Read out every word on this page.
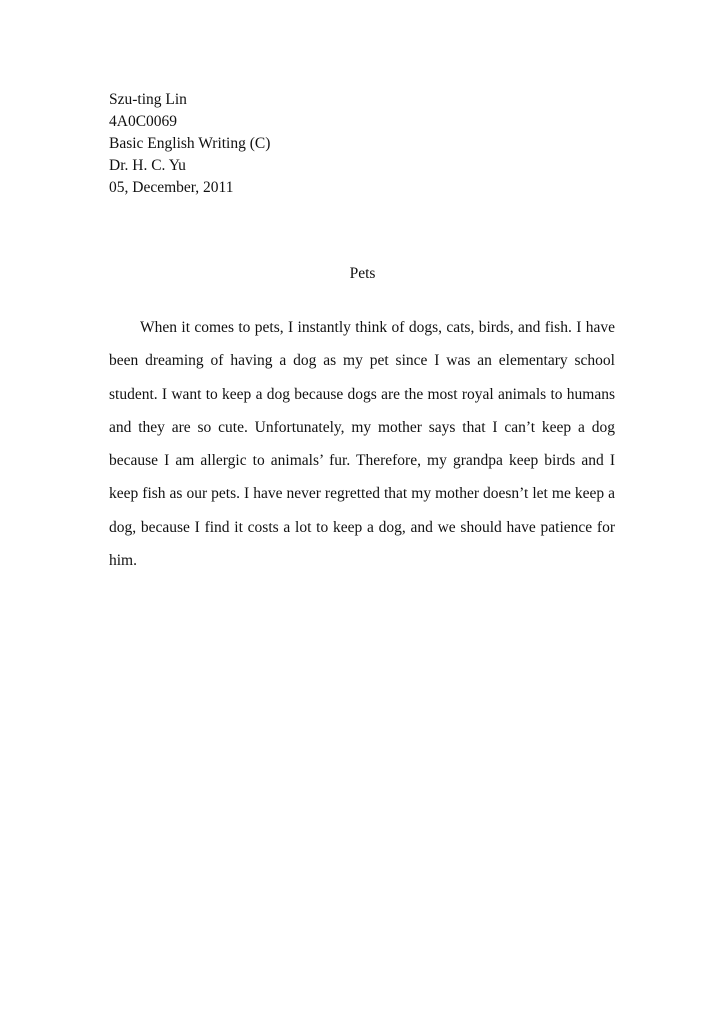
Szu-ting Lin
4A0C0069
Basic English Writing (C)
Dr. H. C. Yu
05, December, 2011
Pets

When it comes to pets, I instantly think of dogs, cats, birds, and fish. I have been dreaming of having a dog as my pet since I was an elementary school student. I want to keep a dog because dogs are the most royal animals to humans and they are so cute. Unfortunately, my mother says that I can’t keep a dog because I am allergic to animals’ fur. Therefore, my grandpa keep birds and I keep fish as our pets. I have never regretted that my mother doesn’t let me keep a dog, because I find it costs a lot to keep a dog, and we should have patience for him.
